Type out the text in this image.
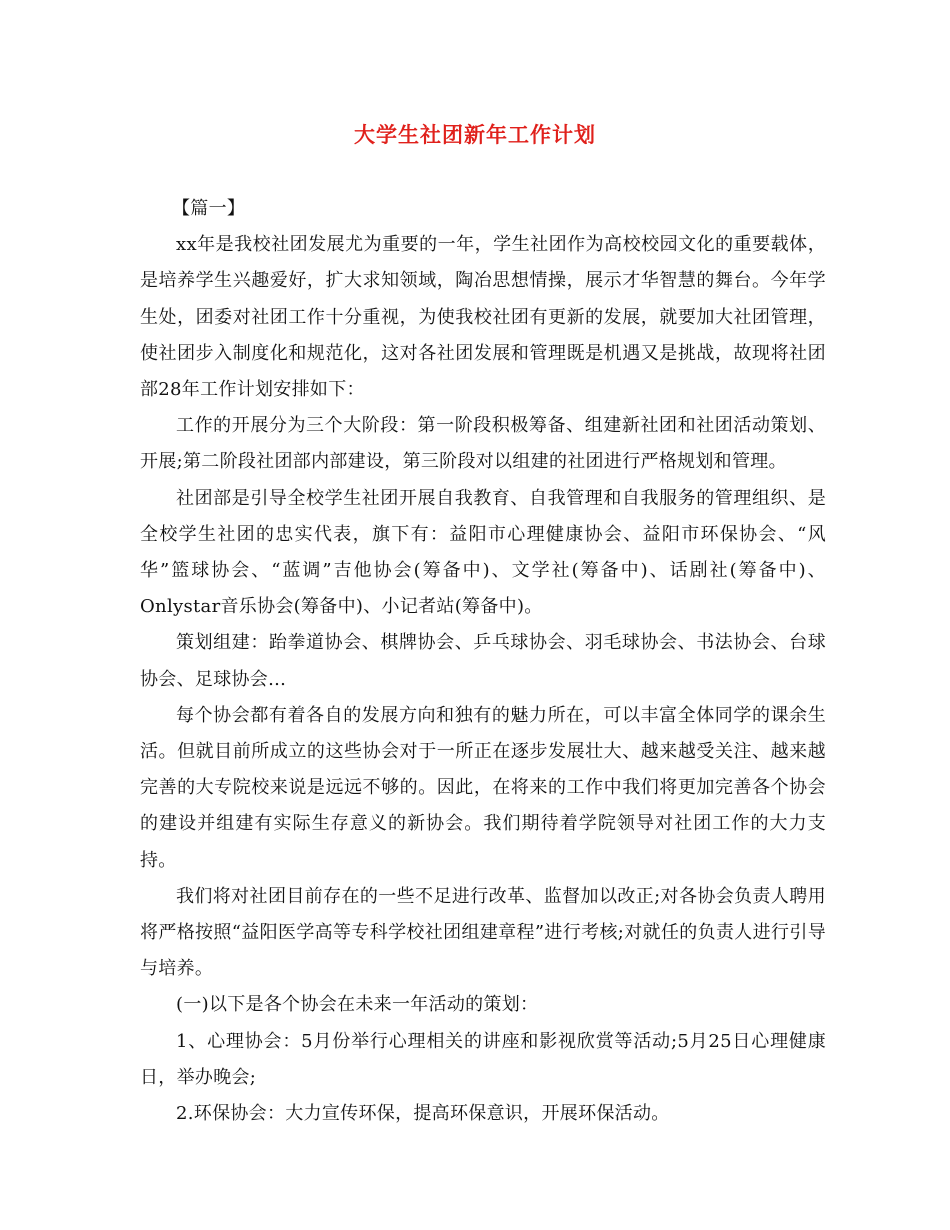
大学生社团新年工作计划

【篇一】

xx年是我校社团发展尤为重要的一年，学生社团作为高校校园文化的重要载体，是培养学生兴趣爱好，扩大求知领域，陶冶思想情操，展示才华智慧的舞台。今年学生处，团委对社团工作十分重视，为使我校社团有更新的发展，就要加大社团管理，使社团步入制度化和规范化，这对各社团发展和管理既是机遇又是挑战，故现将社团部28年工作计划安排如下：

工作的开展分为三个大阶段：第一阶段积极筹备、组建新社团和社团活动策划、开展;第二阶段社团部内部建设，第三阶段对以组建的社团进行严格规划和管理。

社团部是引导全校学生社团开展自我教育、自我管理和自我服务的管理组织、是全校学生社团的忠实代表，旗下有：益阳市心理健康协会、益阳市环保协会、“风华”篮球协会、“蓝调”吉他协会(筹备中)、文学社(筹备中)、话剧社(筹备中)、Onlystar音乐协会(筹备中)、小记者站(筹备中)。

策划组建：跆拳道协会、棋牌协会、乒乓球协会、羽毛球协会、书法协会、台球协会、足球协会...

每个协会都有着各自的发展方向和独有的魅力所在，可以丰富全体同学的课余生活。但就目前所成立的这些协会对于一所正在逐步发展壮大、越来越受关注、越来越完善的大专院校来说是远远不够的。因此，在将来的工作中我们将更加完善各个协会的建设并组建有实际生存意义的新协会。我们期待着学院领导对社团工作的大力支持。

我们将对社团目前存在的一些不足进行改革、监督加以改正;对各协会负责人聘用将严格按照“益阳医学高等专科学校社团组建章程”进行考核;对就任的负责人进行引导与培养。

(一)以下是各个协会在未来一年活动的策划：

1、心理协会：5月份举行心理相关的讲座和影视欣赏等活动;5月25日心理健康日，举办晚会;

2.环保协会：大力宣传环保，提高环保意识，开展环保活动。
